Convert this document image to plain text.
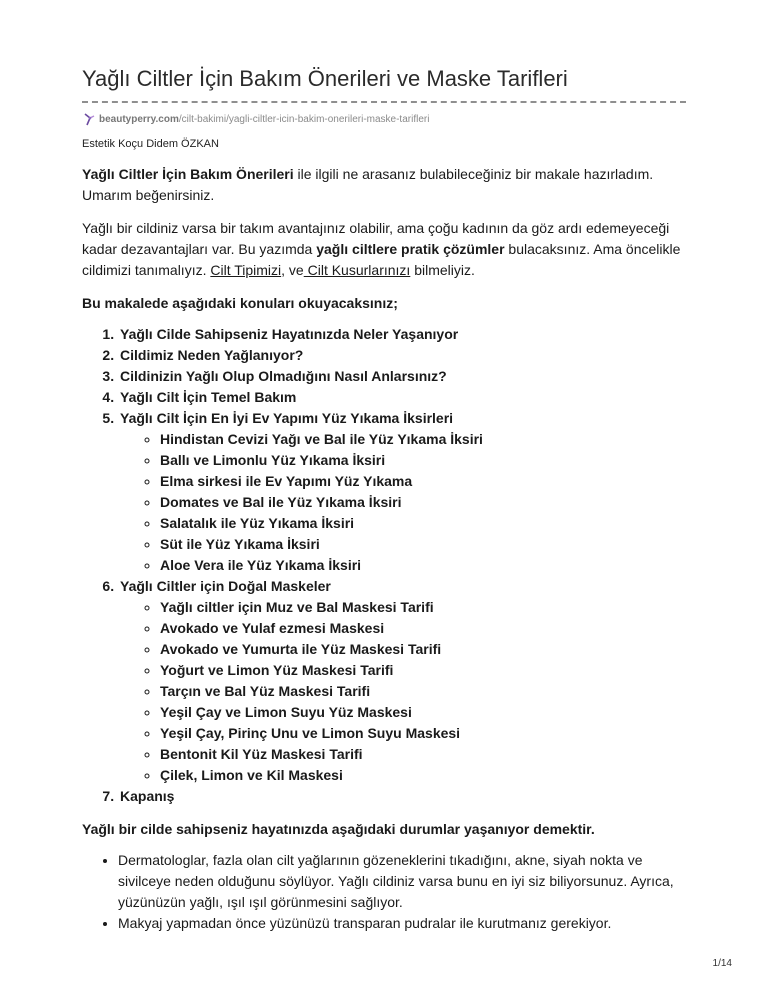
Yağlı Ciltler İçin Bakım Önerileri ve Maske Tarifleri
beautyperry.com /cilt-bakimi/yagli-ciltler-icin-bakim-onerileri-maske-tarifleri
Estetik Koçu Didem ÖZKAN

Yağlı Ciltler İçin Bakım Önerileri ile ilgili ne arasanız bulabileceğiniz bir makale hazırladım. Umarım beğenirsiniz.

Yağlı bir cildiniz varsa bir takım avantajınız olabilir, ama çoğu kadının da göz ardı edemeyeceği kadar dezavantajları var. Bu yazımda yağlı ciltlere pratik çözümler bulacaksınız. Ama öncelikle cildimizi tanımalıyız. Cilt Tipimizi, ve Cilt Kusurlarınızı bilmeliyiz.

Bu makalede aşağıdaki konuları okuyacaksınız;

1. Yağlı Cilde Sahipseniz Hayatınızda Neler Yaşanıyor
2. Cildimiz Neden Yağlanıyor?
3. Cildinizin Yağlı Olup Olmadığını Nasıl Anlarsınız?
4. Yağlı Cilt İçin Temel Bakım
5. Yağlı Cilt İçin En İyi Ev Yapımı Yüz Yıkama İksirleri
◦ Hindistan Cevizi Yağı ve Bal ile Yüz Yıkama İksiri
◦ Ballı ve Limonlu Yüz Yıkama İksiri
◦ Elma sirkesi ile Ev Yapımı Yüz Yıkama
◦ Domates ve Bal ile Yüz Yıkama İksiri
◦ Salatalık ile Yüz Yıkama İksiri
◦ Süt ile Yüz Yıkama İksiri
◦ Aloe Vera ile Yüz Yıkama İksiri
6. Yağlı Ciltler için Doğal Maskeler
◦ Yağlı ciltler için Muz ve Bal Maskesi Tarifi
◦ Avokado ve Yulaf ezmesi Maskesi
◦ Avokado ve Yumurta ile Yüz Maskesi Tarifi
◦ Yoğurt ve Limon Yüz Maskesi Tarifi
◦ Tarçın ve Bal Yüz Maskesi Tarifi
◦ Yeşil Çay ve Limon Suyu Yüz Maskesi
◦ Yeşil Çay, Pirinç Unu ve Limon Suyu Maskesi
◦ Bentonit Kil Yüz Maskesi Tarifi
◦ Çilek, Limon ve Kil Maskesi
7. Kapanış

Yağlı bir cilde sahipseniz hayatınızda aşağıdaki durumlar yaşanıyor demektir.

• Dermatologlar, fazla olan cilt yağlarının gözeneklerini tıkadığını, akne, siyah nokta ve sivilceye neden olduğunu söylüyor. Yağlı cildiniz varsa bunu en iyi siz biliyorsunuz. Ayrıca, yüzünüzün yağlı, ışıl ışıl görünmesini sağlıyor.
• Makyaj yapmadan önce yüzünüzü transparan pudralar ile kurutmanız gerekiyor.
1/14
